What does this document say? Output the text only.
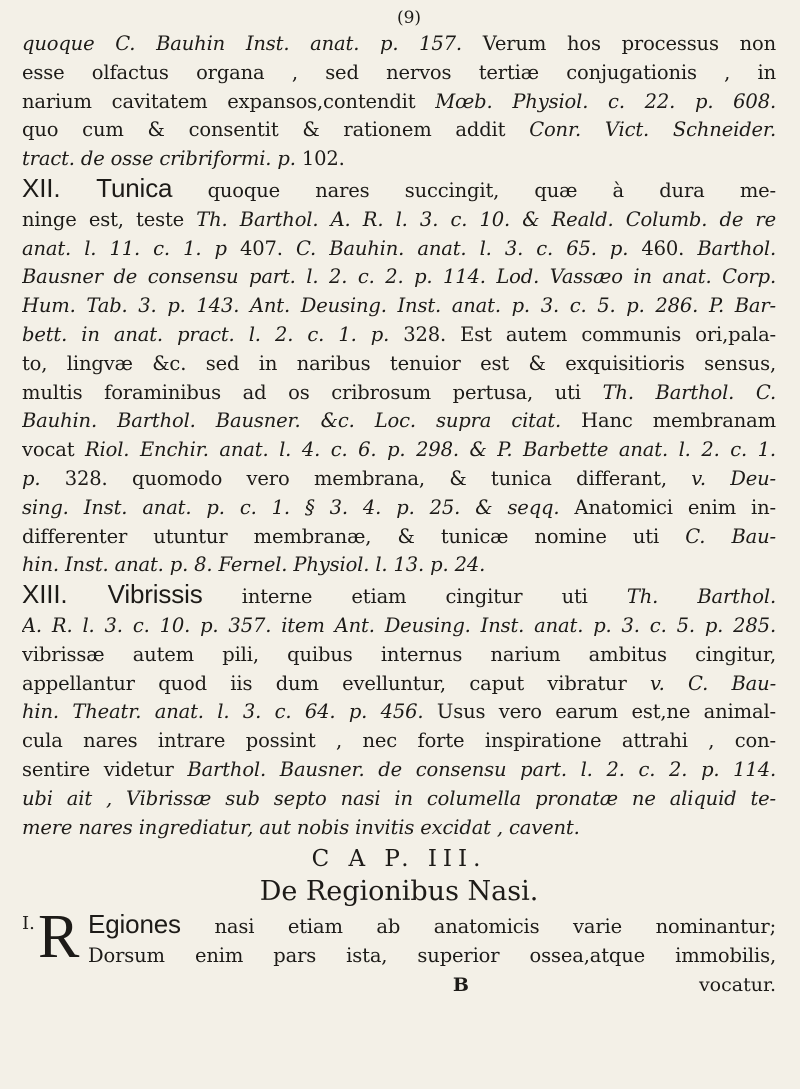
(9)
quoque C. Bauhin Inst. anat. p. 157. Verum hos processus non
esse olfactus organa , sed nervos tertiæ conjugationis , in
narium cavitatem expansos,contendit Mœb. Physiol. c. 22. p. 608.
quo cum & consentit & rationem addit Conr. Vict. Schneider.
tract. de osse cribriformi. p. 102.
XII. Tunica quoque nares succingit, quæ à dura me-
ninge est, teste Th. Barthol. A. R. l. 3. c. 10. & Reald. Columb. de re
anat. l. 11. c. 1. p 407. C. Bauhin. anat. l. 3. c. 65. p. 460. Barthol.
Bausner de consensu part. l. 2. c. 2. p. 114. Lod. Vassæo in anat. Corp.
Hum. Tab. 3. p. 143. Ant. Deusing. Inst. anat. p. 3. c. 5. p. 286. P. Bar-
bett. in anat. pract. l. 2. c. 1. p. 328. Est autem communis ori,pala-
to, lingvæ &c. sed in naribus tenuior est & exquisitioris sensus,
multis foraminibus ad os cribrosum pertusa, uti Th. Barthol. C.
Bauhin. Barthol. Bausner. &c. Loc. supra citat. Hanc membranam
vocat Riol. Enchir. anat. l. 4. c. 6. p. 298. & P. Barbette anat. l. 2. c. 1.
p. 328. quomodo vero membrana, & tunica differant, v. Deu-
sing. Inst. anat. p. c. 1. § 3. 4. p. 25. & seqq. Anatomici enim in-
differenter utuntur membranæ, & tunicæ nomine uti C. Bau-
hin. Inst. anat. p. 8. Fernel. Physiol. l. 13. p. 24.
XIII. Vibrissis interne etiam cingitur uti Th. Barthol.
A. R. l. 3. c. 10. p. 357. item Ant. Deusing. Inst. anat. p. 3. c. 5. p. 285.
vibrissæ autem pili, quibus internus narium ambitus cingitur,
appellantur quod iis dum evelluntur, caput vibratur v. C. Bau-
hin. Theatr. anat. l. 3. c. 64. p. 456. Usus vero earum est,ne animal-
cula nares intrare possint , nec forte inspiratione attrahi , con-
sentire videtur Barthol. Bausner. de consensu part. l. 2. c. 2. p. 114.
ubi ait , Vibrissæ sub septo nasi in columella pronatæ ne aliquid te-
mere nares ingrediatur, aut nobis invitis excidat , cavent.
C A P. III.
De Regionibus Nasi.
I. R Egiones nasi etiam ab anatomicis varie nominantur;
Dorsum enim pars ista, superior ossea,atque immobilis,
B	vocatur.
